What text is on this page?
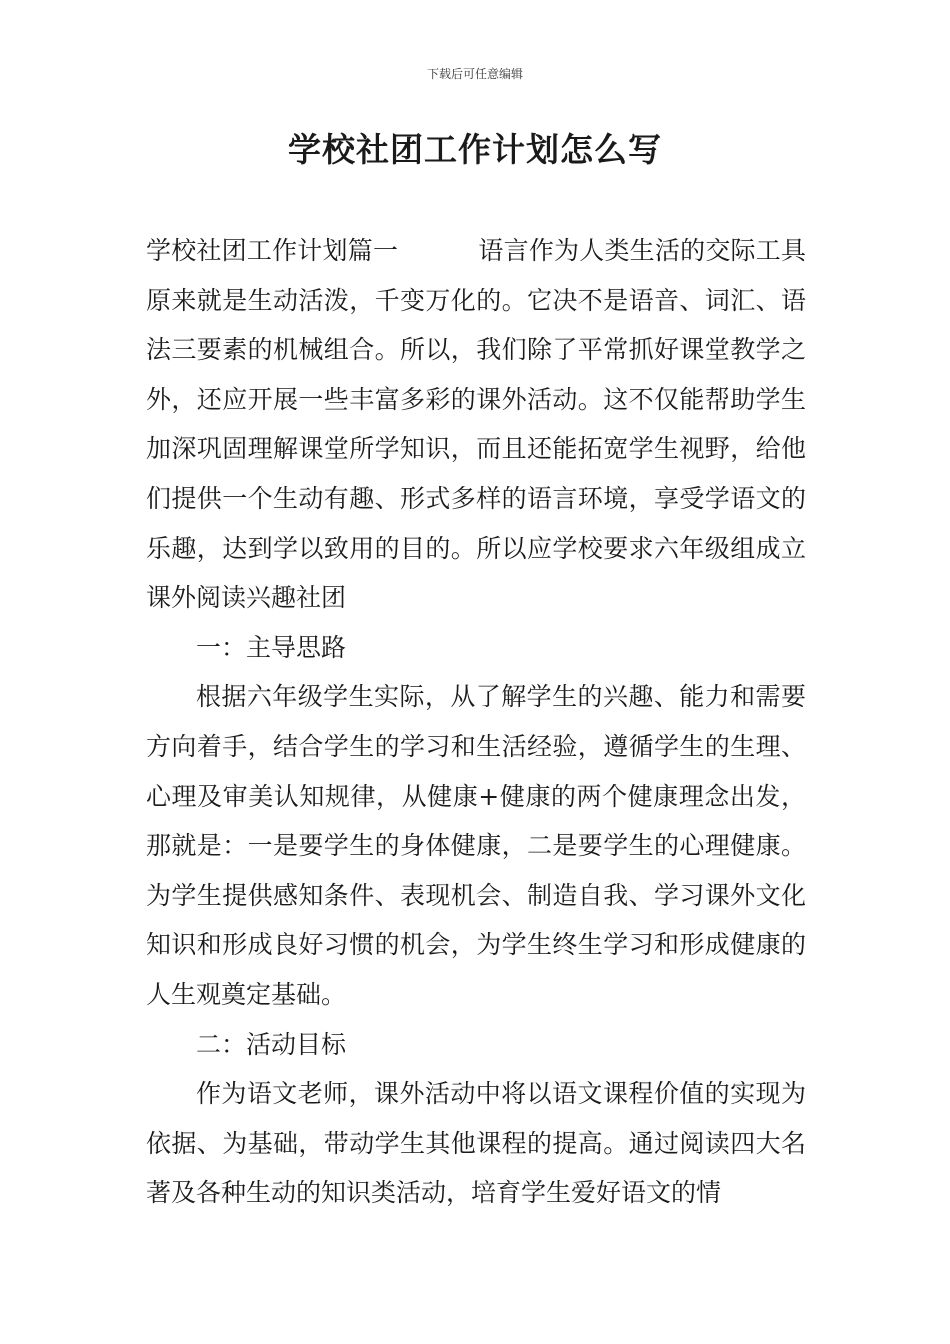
下载后可任意编辑
学校社团工作计划怎么写

学校社团工作计划篇一	语言作为人类生活的交际工具原来就是生动活泼，千变万化的。它决不是语音、词汇、语法三要素的机械组合。所以，我们除了平常抓好课堂教学之外，还应开展一些丰富多彩的课外活动。这不仅能帮助学生加深巩固理解课堂所学知识，而且还能拓宽学生视野，给他们提供一个生动有趣、形式多样的语言环境，享受学语文的乐趣，达到学以致用的目的。所以应学校要求六年级组成立课外阅读兴趣社团

一：主导思路

根据六年级学生实际，从了解学生的兴趣、能力和需要方向着手，结合学生的学习和生活经验，遵循学生的生理、心理及审美认知规律，从健康+健康的两个健康理念出发，那就是：一是要学生的身体健康，二是要学生的心理健康。为学生提供感知条件、表现机会、制造自我、学习课外文化知识和形成良好习惯的机会，为学生终生学习和形成健康的人生观奠定基础。

二：活动目标

作为语文老师，课外活动中将以语文课程价值的实现为依据、为基础，带动学生其他课程的提高。通过阅读四大名著及各种生动的知识类活动，培育学生爱好语文的情
